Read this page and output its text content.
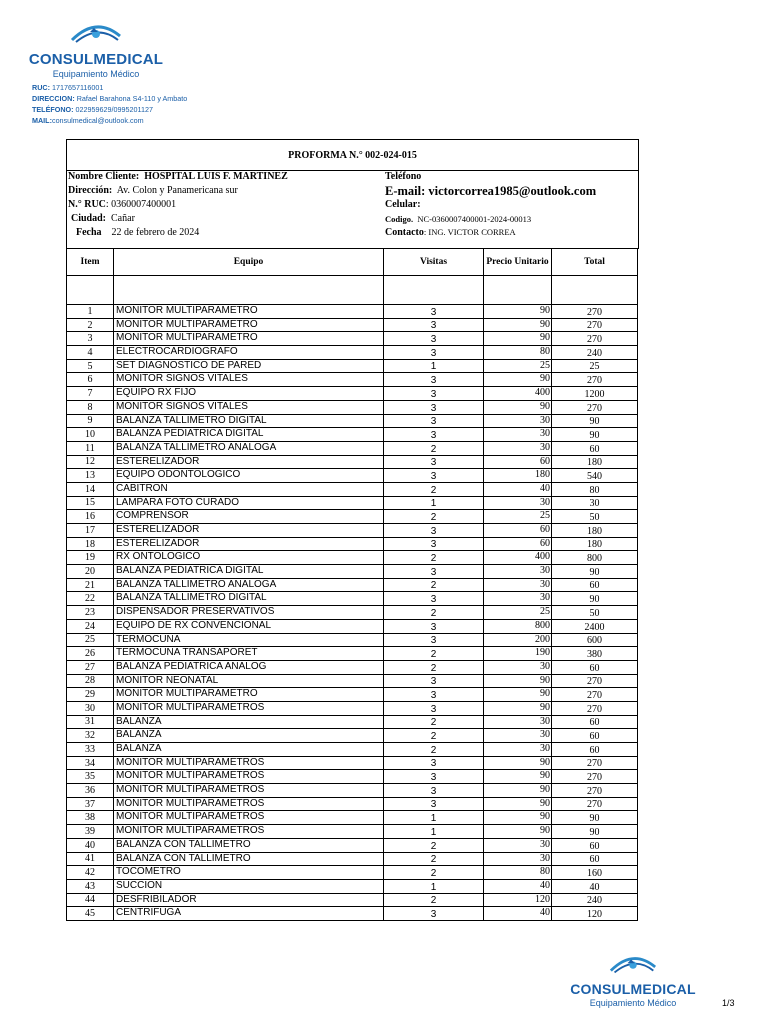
CONSULMEDICAL
Equipamiento Médico
RUC: 1717657116001
DIRECCION: Rafael Barahona S4-110 y Ambato
TELÉFONO: 022959629/0995201127
MAIL:consulmedical@outlook.com
PROFORMA N.° 002-024-015
Nombre Cliente: HOSPITAL LUIS F. MARTINEZ
Dirección: Av. Colon y Panamericana sur
N.° RUC: 0360007400001
Ciudad: Cañar
Fecha 22 de febrero de 2024
Teléfono
E-mail: victorcorrea1985@outlook.com
Celular:
Codigo. NC-0360007400001-2024-00013
Contacto: ING. VICTOR CORREA
Item	Equipo	Visitas	Precio Unitario	Total

1	MONITOR MULTIPARAMETRO	3	90	270
2	MONITOR MULTIPARAMETRO	3	90	270
3	MONITOR MULTIPARAMETRO	3	90	270
4	ELECTROCARDIOGRAFO	3	80	240
5	SET DIAGNOSTICO DE PARED	1	25	25
6	MONITOR SIGNOS VITALES	3	90	270
7	EQUIPO RX FIJO	3	400	1200
8	MONITOR SIGNOS VITALES	3	90	270
9	BALANZA TALLIMETRO DIGITAL	3	30	90
10	BALANZA PEDIATRICA DIGITAL	3	30	90
11	BALANZA TALLIMETRO ANALOGA	2	30	60
12	ESTERELIZADOR	3	60	180
13	EQUIPO ODONTOLOGICO	3	180	540
14	CABITRON	2	40	80
15	LAMPARA FOTO CURADO	1	30	30
16	COMPRENSOR	2	25	50
17	ESTERELIZADOR	3	60	180
18	ESTERELIZADOR	3	60	180
19	RX ONTOLOGICO	2	400	800
20	BALANZA PEDIATRICA DIGITAL	3	30	90
21	BALANZA TALLIMETRO ANALOGA	2	30	60
22	BALANZA TALLIMETRO DIGITAL	3	30	90
23	DISPENSADOR PRESERVATIVOS	2	25	50
24	EQUIPO DE RX CONVENCIONAL	3	800	2400
25	TERMOCUNA	3	200	600
26	TERMOCUNA TRANSAPORET	2	190	380
27	BALANZA PEDIATRICA ANALOG	2	30	60
28	MONITOR NEONATAL	3	90	270
29	MONITOR MULTIPARAMETRO	3	90	270
30	MONITOR MULTIPARAMETROS	3	90	270
31	BALANZA	2	30	60
32	BALANZA	2	30	60
33	BALANZA	2	30	60
34	MONITOR MULTIPARAMETROS	3	90	270
35	MONITOR MULTIPARAMETROS	3	90	270
36	MONITOR MULTIPARAMETROS	3	90	270
37	MONITOR MULTIPARAMETROS	3	90	270
38	MONITOR MULTIPARAMETROS	1	90	90
39	MONITOR MULTIPARAMETROS	1	90	90
40	BALANZA CON TALLIMETRO	2	30	60
41	BALANZA CON TALLIMETRO	2	30	60
42	TOCOMETRO	2	80	160
43	SUCCION	1	40	40
44	DESFRIBILADOR	2	120	240
45	CENTRIFUGA	3	40	120
CONSULMEDICAL
Equipamiento Médico	1/3
